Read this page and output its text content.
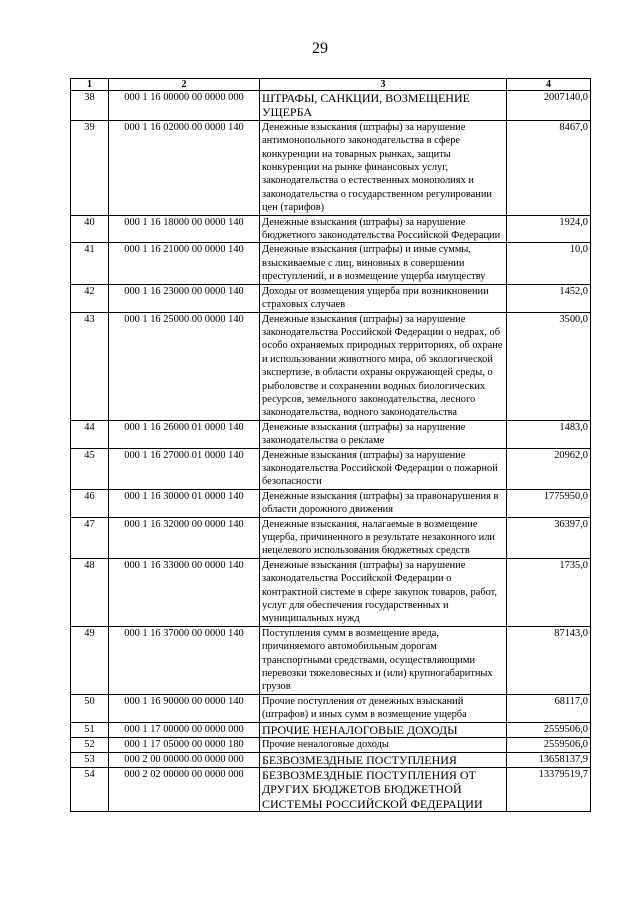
29
1	2	3	4
38	000 1 16 00000 00 0000 000	ШТРАФЫ, САНКЦИИ, ВОЗМЕЩЕНИЕ УЩЕРБА	2007140,0
39	000 1 16 02000 00 0000 140	Денежные взыскания (штрафы) за нарушение антимонопольного законодательства в сфере конкуренции на товарных рынках, защиты конкуренции на рынке финансовых услуг, законодательства о естественных монополиях и законодательства о государственном регулировании цен (тарифов)	8467,0
40	000 1 16 18000 00 0000 140	Денежные взыскания (штрафы) за нарушение бюджетного законодательства Российской Федерации	1924,0
41	000 1 16 21000 00 0000 140	Денежные взыскания (штрафы) и иные суммы, взыскиваемые с лиц, виновных в совершении преступлений, и в возмещение ущерба имуществу	10,0
42	000 1 16 23000 00 0000 140	Доходы от возмещения ущерба при возникновении страховых случаев	1452,0
43	000 1 16 25000 00 0000 140	Денежные взыскания (штрафы) за нарушение законодательства Российской Федерации о недрах, об особо охраняемых природных территориях, об охране и использовании животного мира, об экологической экспертизе, в области охраны окружающей среды, о рыболовстве и сохранении водных биологических ресурсов, земельного законодательства, лесного законодательства, водного законодательства	3500,0
44	000 1 16 26000 01 0000 140	Денежные взыскания (штрафы) за нарушение законодательства о рекламе	1483,0
45	000 1 16 27000 01 0000 140	Денежные взыскания (штрафы) за нарушение законодательства Российской Федерации о пожарной безопасности	20962,0
46	000 1 16 30000 01 0000 140	Денежные взыскания (штрафы) за правонарушения в области дорожного движения	1775950,0
47	000 1 16 32000 00 0000 140	Денежные взыскания, налагаемые в возмещение ущерба, причиненного в результате незаконного или нецелевого использования бюджетных средств	36397,0
48	000 1 16 33000 00 0000 140	Денежные взыскания (штрафы) за нарушение законодательства Российской Федерации о контрактной системе в сфере закупок товаров, работ, услуг для обеспечения государственных и муниципальных нужд	1735,0
49	000 1 16 37000 00 0000 140	Поступления сумм в возмещение вреда, причиняемого автомобильным дорогам транспортными средствами, осуществляющими перевозки тяжеловесных и (или) крупногабаритных грузов	87143,0
50	000 1 16 90000 00 0000 140	Прочие поступления от денежных взысканий (штрафов) и иных сумм в возмещение ущерба	68117,0
51	000 1 17 00000 00 0000 000	ПРОЧИЕ НЕНАЛОГОВЫЕ ДОХОДЫ	2559506,0
52	000 1 17 05000 00 0000 180	Прочие неналоговые доходы	2559506,0
53	000 2 00 00000 00 0000 000	БЕЗВОЗМЕЗДНЫЕ ПОСТУПЛЕНИЯ	13658137,9
54	000 2 02 00000 00 0000 000	БЕЗВОЗМЕЗДНЫЕ ПОСТУПЛЕНИЯ ОТ ДРУГИХ БЮДЖЕТОВ БЮДЖЕТНОЙ СИСТЕМЫ РОССИЙСКОЙ ФЕДЕРАЦИИ	13379519,7
